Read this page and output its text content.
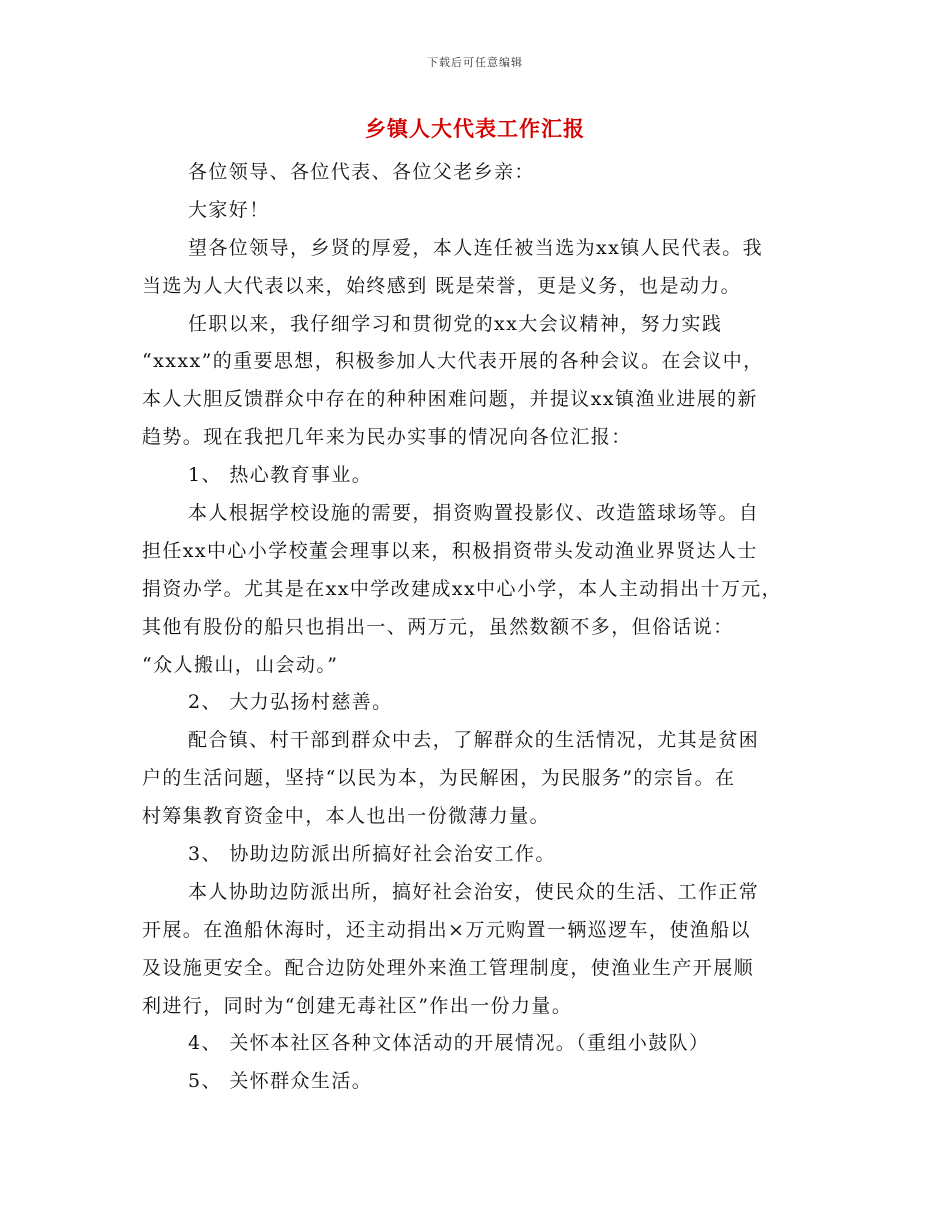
下载后可任意编辑
乡镇人大代表工作汇报
各位领导、各位代表、各位父老乡亲：
大家好！
望各位领导，乡贤的厚爱，本人连任被当选为xx镇人民代表。我
当选为人大代表以来，始终感到 既是荣誉，更是义务，也是动力。
任职以来，我仔细学习和贯彻党的xx大会议精神，努力实践
“xxxx”的重要思想，积极参加人大代表开展的各种会议。在会议中，
本人大胆反馈群众中存在的种种困难问题，并提议xx镇渔业进展的新
趋势。现在我把几年来为民办实事的情况向各位汇报：
1、 热心教育事业。
本人根据学校设施的需要，捐资购置投影仪、改造篮球场等。自
担任xx中心小学校董会理事以来，积极捐资带头发动渔业界贤达人士
捐资办学。尤其是在xx中学改建成xx中心小学，本人主动捐出十万元，
其他有股份的船只也捐出一、两万元，虽然数额不多，但俗话说：
“众人搬山，山会动。”
2、 大力弘扬村慈善。
配合镇、村干部到群众中去，了解群众的生活情况，尤其是贫困
户的生活问题，坚持“以民为本，为民解困，为民服务”的宗旨。在
村筹集教育资金中，本人也出一份微薄力量。
3、 协助边防派出所搞好社会治安工作。
本人协助边防派出所，搞好社会治安，使民众的生活、工作正常
开展。在渔船休海时，还主动捐出×万元购置一辆巡逻车，使渔船以
及设施更安全。配合边防处理外来渔工管理制度，使渔业生产开展顺
利进行，同时为“创建无毒社区”作出一份力量。
4、 关怀本社区各种文体活动的开展情况。（重组小鼓队）
5、 关怀群众生活。
